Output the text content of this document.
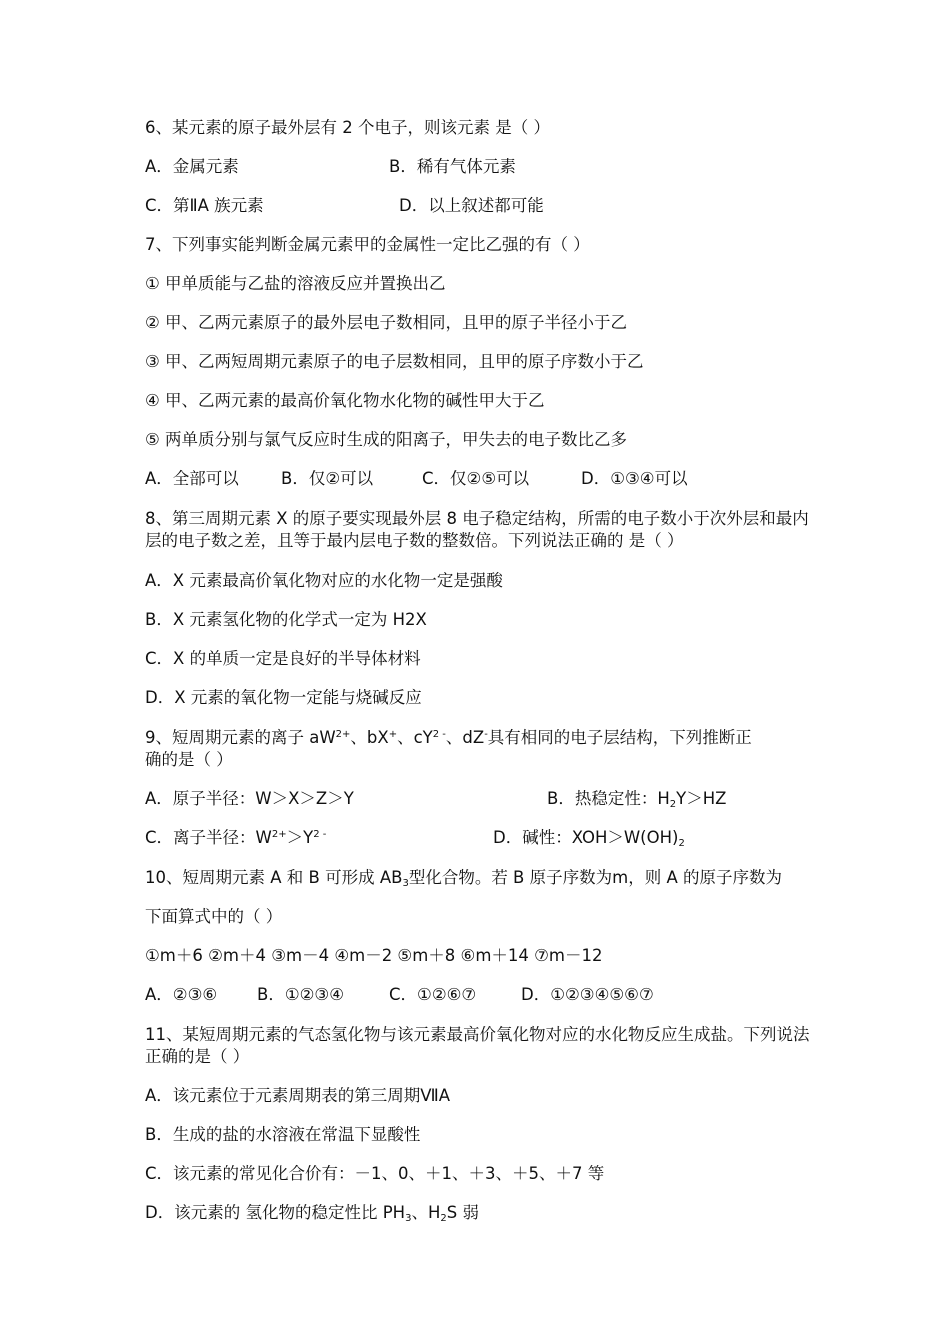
6、某元素的原子最外层有 2 个电子，则该元素 是（ ）
A．金属元素	B．稀有气体元素
C．第ⅡA 族元素	D．以上叙述都可能
7、下列事实能判断金属元素甲的金属性一定比乙强的有（ ）
① 甲单质能与乙盐的溶液反应并置换出乙
② 甲、乙两元素原子的最外层电子数相同，且甲的原子半径小于乙
③ 甲、乙两短周期元素原子的电子层数相同，且甲的原子序数小于乙
④ 甲、乙两元素的最高价氧化物水化物的碱性甲大于乙
⑤ 两单质分别与氯气反应时生成的阳离子，甲失去的电子数比乙多
A．全部可以	B．仅②可以	C．仅②⑤可以	D．①③④可以
8、第三周期元素 X 的原子要实现最外层 8 电子稳定结构，所需的电子数小于次外层和最内层的电子数之差，且等于最内层电子数的整数倍。下列说法正确的 是（ ）
A．X 元素最高价氧化物对应的水化物一定是强酸
B．X 元素氢化物的化学式一定为 H2X
C．X 的单质一定是良好的半导体材料
D．X 元素的氧化物一定能与烧碱反应
9、短周期元素的离子 $aW^{2+}$、bX+、$cY^{2 -}$、dZ-具有相同的电子层结构，下列推断正
确的是（ ）
A．原子半径：W＞X＞Z＞Y	B．热稳定性：$H_2Y>HZ$
C．离子半径：$W^{2+}>Y^{2 -}$	D．碱性：$XOH>W(OH)_2$
10、短周期元素 A 和 B 可形成 $AB_3$型化合物。若 B 原子序数为m，则 A 的原子序数为
下面算式中的（ ）
①m＋6 ②m＋4 ③m－4 ④m－2 ⑤m＋8 ⑥m＋14 ⑦m－12
A．②③⑥ B．①②③④	C．①②⑥⑦	D．①②③④⑤⑥⑦
11、某短周期元素的气态氢化物与该元素最高价氧化物对应的水化物反应生成盐。下列说法正确的是（ ）
A．该元素位于元素周期表的第三周期ⅦA
B．生成的盐的水溶液在常温下显酸性
C．该元素的常见化合价有：－1、0、＋1、＋3、＋5、＋7 等
D．该元素的 氢化物的稳定性比 $PH_3$、$H_2S$ 弱
